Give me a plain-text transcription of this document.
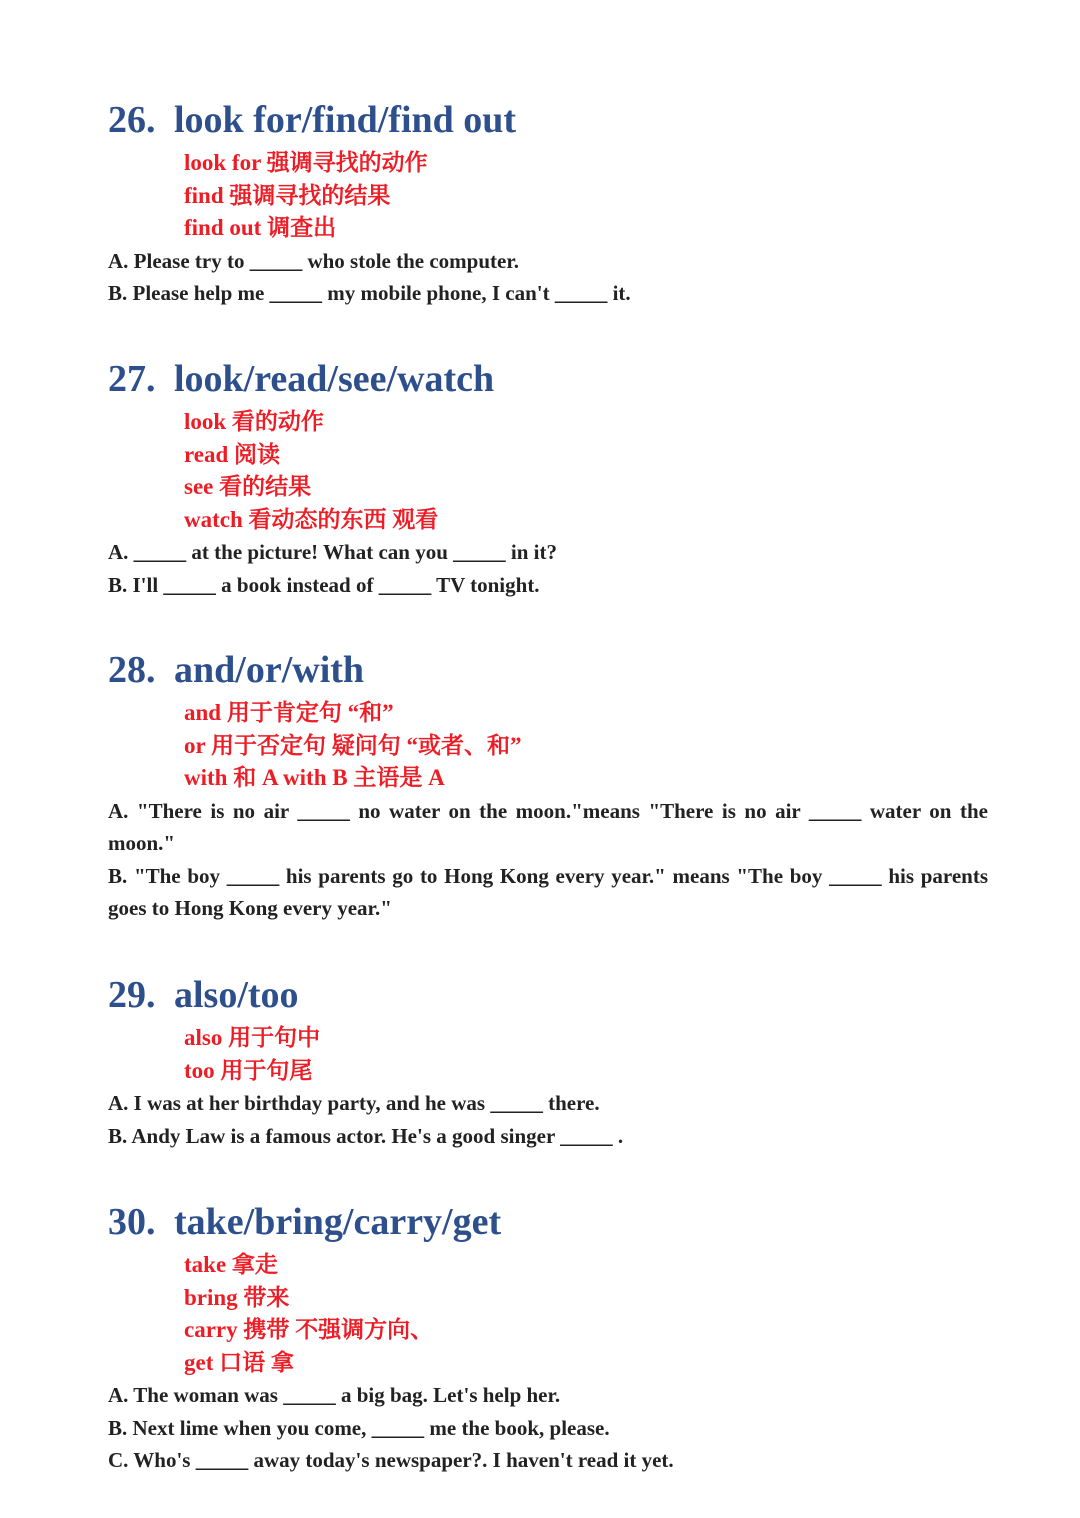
26. look for/find/find out
look for 强调寻找的动作
find 强调寻找的结果
find out 调查出

A. Please try to _____ who stole the computer.

B. Please help me _____ my mobile phone, I can't _____ it.

27. look/read/see/watch
look 看的动作
read 阅读
see 看的结果
watch 看动态的东西 观看

A. _____ at the picture! What can you _____ in it?

B. I'll _____ a book instead of _____ TV tonight.

28. and/or/with
and 用于肯定句 “和”
or 用于否定句 疑问句 “或者、和”
with 和 A with B 主语是 A

A. "There is no air _____ no water on the moon."means "There is no air _____ water on the moon."

B. "The boy _____ his parents go to Hong Kong every year." means "The boy _____ his parents goes to Hong Kong every year."

29. also/too
also 用于句中
too 用于句尾

A. I was at her birthday party, and he was _____ there.

B. Andy Law is a famous actor. He's a good singer _____ .

30. take/bring/carry/get
take 拿走
bring 带来
carry 携带 不强调方向、
get 口语 拿

A. The woman was _____ a big bag. Let's help her.

B. Next lime when you come, _____ me the book, please.

C. Who's _____ away today's newspaper?. I haven't read it yet.
